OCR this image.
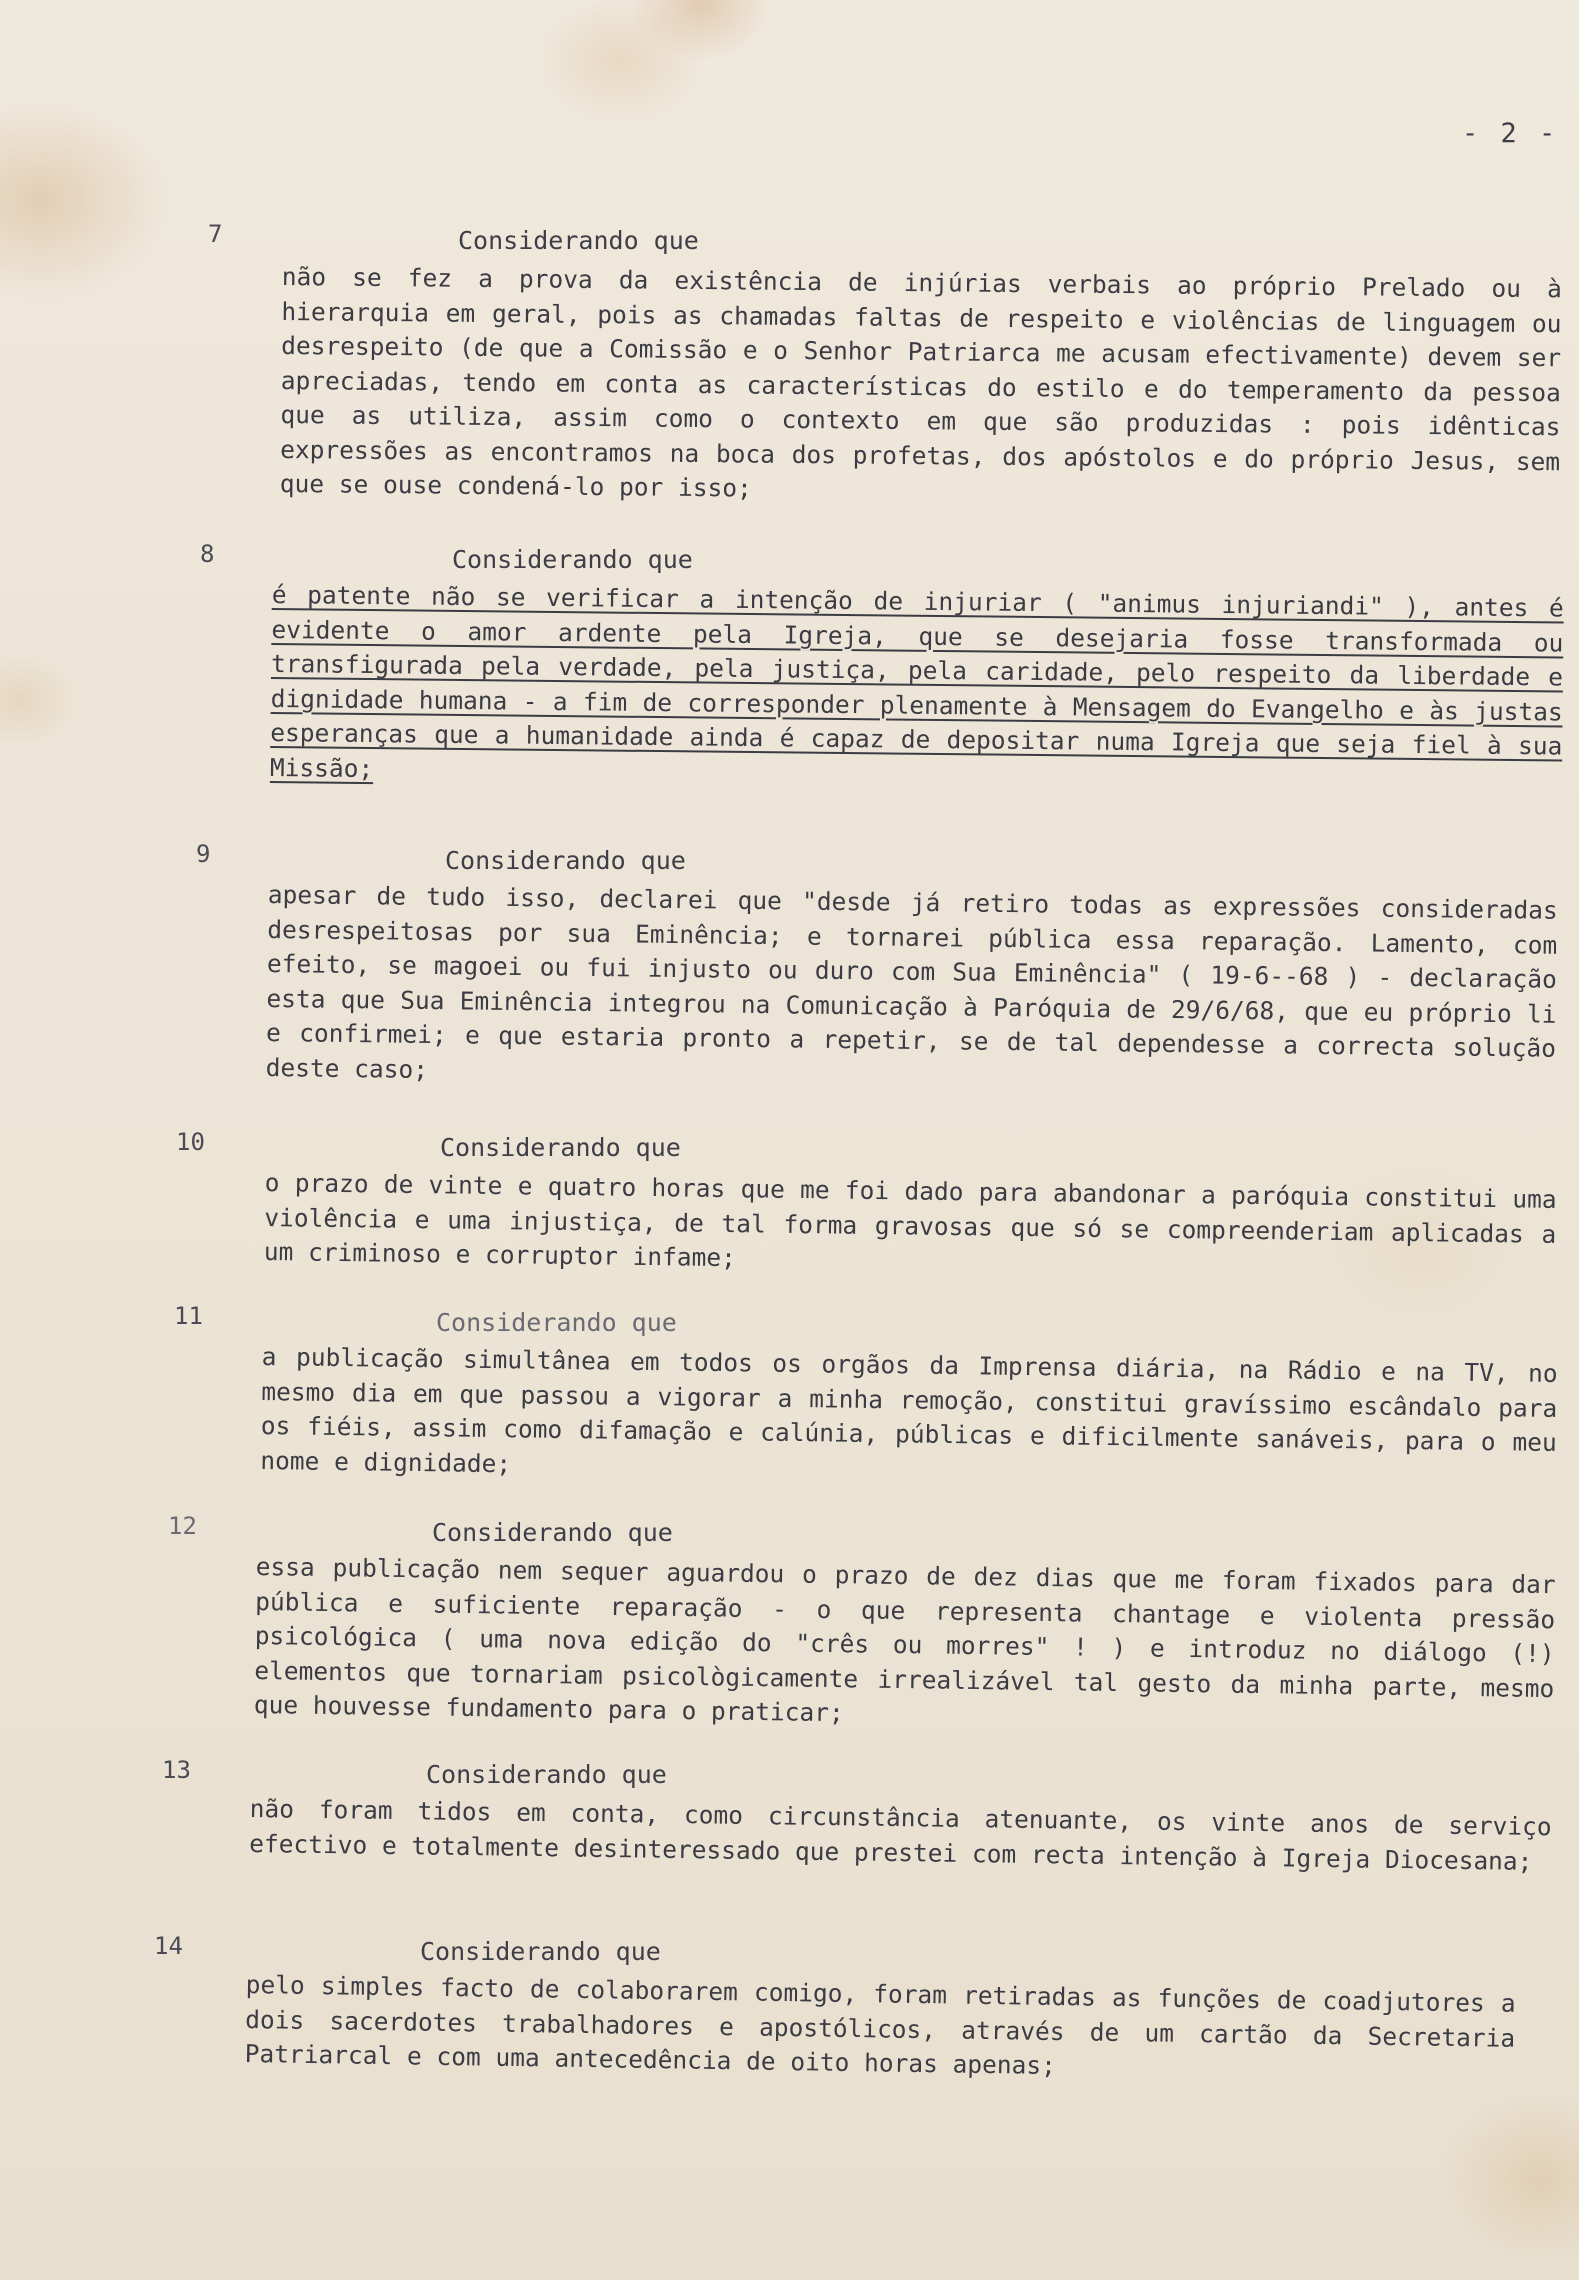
- 2 -
7	Considerando que
não se fez a prova da existência de injúrias verbais ao próprio Prelado ou à hierarquia em geral, pois as chamadas faltas de respeito e violências de linguagem ou desrespeito (de que a Comissão e o Senhor Patriarca me acusam efectivamente) devem ser apreciadas, tendo em conta as características do estilo e do temperamento da pessoa que as utiliza, assim como o contexto em que são produzidas : pois idênticas expressões as encontramos na boca dos profetas, dos apóstolos e do próprio Jesus, sem que se ouse condená-lo por isso;
8	Considerando que
é patente não se verificar a intenção de injuriar ( "animus injuriandi" ), antes é evidente o amor ardente pela Igreja, que se desejaria fosse transformada ou transfigurada pela verdade, pela justiça, pela caridade, pelo respeito da liberdade e dignidade humana - a fim de corresponder plenamente à Mensagem do Evangelho e às justas esperanças que a humanidade ainda é capaz de depositar numa Igreja que seja fiel à sua Missão;
9	Considerando que
apesar de tudo isso, declarei que "desde já retiro todas as expressões consideradas desrespeitosas por sua Eminência; e tornarei pública essa reparação. Lamento, com efeito, se magoei ou fui injusto ou duro com Sua Eminência" ( 19-6--68 ) - declaração esta que Sua Eminência integrou na Comunicação à Paróquia de 29/6/68, que eu próprio li e confirmei; e que estaria pronto a repetir, se de tal dependesse a correcta solução deste caso;
10	Considerando que
o prazo de vinte e quatro horas que me foi dado para abandonar a paróquia constitui uma violência e uma injustiça, de tal forma gravosas que só se compreenderiam aplicadas a um criminoso e corruptor infame;
11	Considerando que
a publicação simultânea em todos os orgãos da Imprensa diária, na Rádio e na TV, no mesmo dia em que passou a vigorar a minha remoção, constitui gravíssimo escândalo para os fiéis, assim como difamação e calúnia, públicas e dificilmente sanáveis, para o meu nome e dignidade;
12	Considerando que
essa publicação nem sequer aguardou o prazo de dez dias que me foram fixados para dar pública e suficiente reparação - o que representa chantage e violenta pressão psicológica ( uma nova edição do "crês ou morres" ! ) e introduz no diálogo (!) elementos que tornariam psicològicamente irrealizável tal gesto da minha parte, mesmo que houvesse fundamento para o praticar;
13	Considerando que
não foram tidos em conta, como circunstância atenuante, os vinte anos de serviço efectivo e totalmente desinteressado que prestei com recta intenção à Igreja Diocesana;
14	Considerando que
pelo simples facto de colaborarem comigo, foram retiradas as funções de coadjutores a dois sacerdotes trabalhadores e apostólicos, através de um cartão da Secretaria Patriarcal e com uma antecedência de oito horas apenas;
